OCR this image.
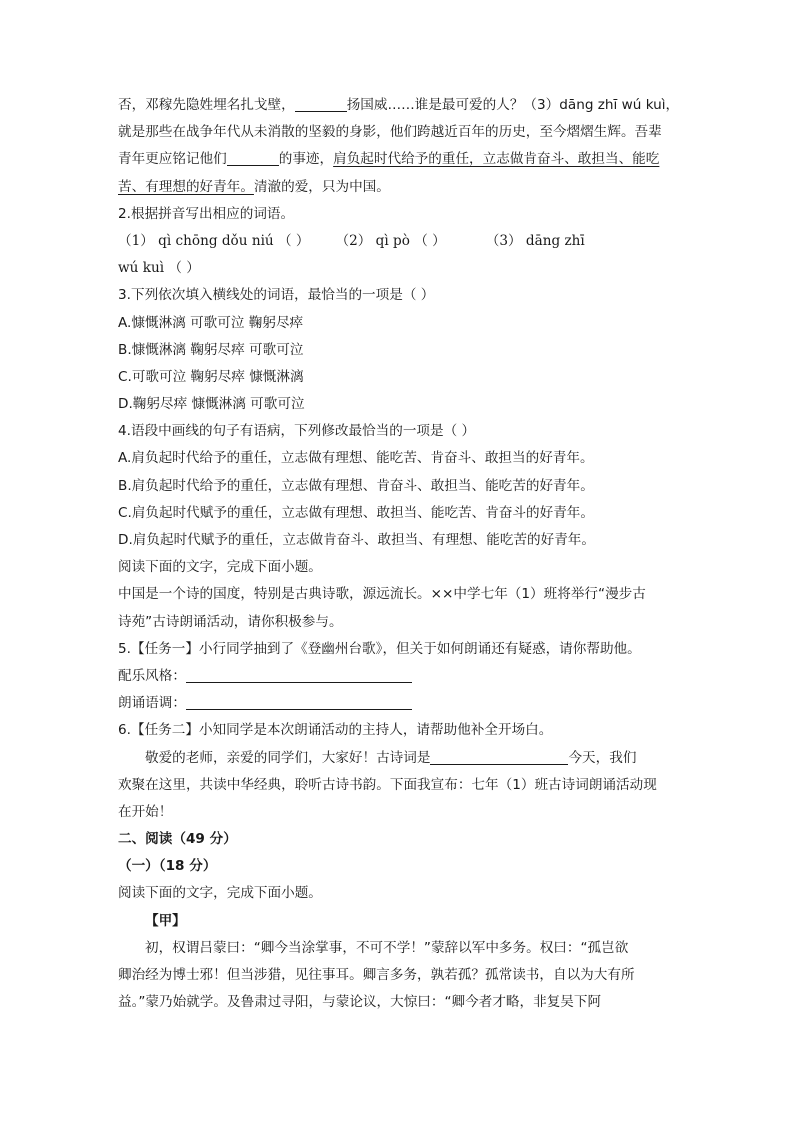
否，邓稼先隐姓埋名扎戈壁，	扬国威……谁是最可爱的人？（3）dāng zhī wú kuì，
就是那些在战争年代从未消散的坚毅的身影，他们跨越近百年的历史，至今熠熠生辉。吾辈
青年更应铭记他们	的事迹，肩负起时代给予的重任，立志做肯奋斗、敢担当、能吃
苦、有理想的好青年。清澈的爱，只为中国。
2.根据拼音写出相应的词语。
（1） qì chōng dǒu niú （ ） （2） qì pò （ ）	（3） dāng zhī
wú kuì （ ）
3.下列依次填入横线处的词语，最恰当的一项是（ ）
A.慷慨淋漓 可歌可泣 鞠躬尽瘁
B.慷慨淋漓 鞠躬尽瘁 可歌可泣
C.可歌可泣 鞠躬尽瘁 慷慨淋漓
D.鞠躬尽瘁 慷慨淋漓 可歌可泣
4.语段中画线的句子有语病，下列修改最恰当的一项是（ ）
A.肩负起时代给予的重任，立志做有理想、能吃苦、肯奋斗、敢担当的好青年。
B.肩负起时代给予的重任，立志做有理想、肯奋斗、敢担当、能吃苦的好青年。
C.肩负起时代赋予的重任，立志做有理想、敢担当、能吃苦、肯奋斗的好青年。
D.肩负起时代赋予的重任，立志做肯奋斗、敢担当、有理想、能吃苦的好青年。
阅读下面的文字，完成下面小题。
中国是一个诗的国度，特别是古典诗歌，源远流长。××中学七年（1）班将举行“漫步古
诗苑”古诗朗诵活动，请你积极参与。
5.【任务一】小行同学抽到了《登幽州台歌》，但关于如何朗诵还有疑惑，请你帮助他。
配乐风格：
朗诵语调：
6.【任务二】小知同学是本次朗诵活动的主持人，请帮助他补全开场白。
敬爱的老师，亲爱的同学们，大家好！古诗词是	今天，我们
欢聚在这里，共读中华经典，聆听古诗书韵。下面我宣布：七年（1）班古诗词朗诵活动现
在开始！
二、阅读（49 分）
（一）（18 分）
阅读下面的文字，完成下面小题。
【甲】
初，权谓吕蒙曰：“卿今当涂掌事，不可不学！”蒙辞以军中多务。权曰：“孤岂欲
卿治经为博士邪！但当涉猎，见往事耳。卿言多务，孰若孤？孤常读书，自以为大有所
益。”蒙乃始就学。及鲁肃过寻阳，与蒙论议，大惊曰：“卿今者才略，非复吴下阿
